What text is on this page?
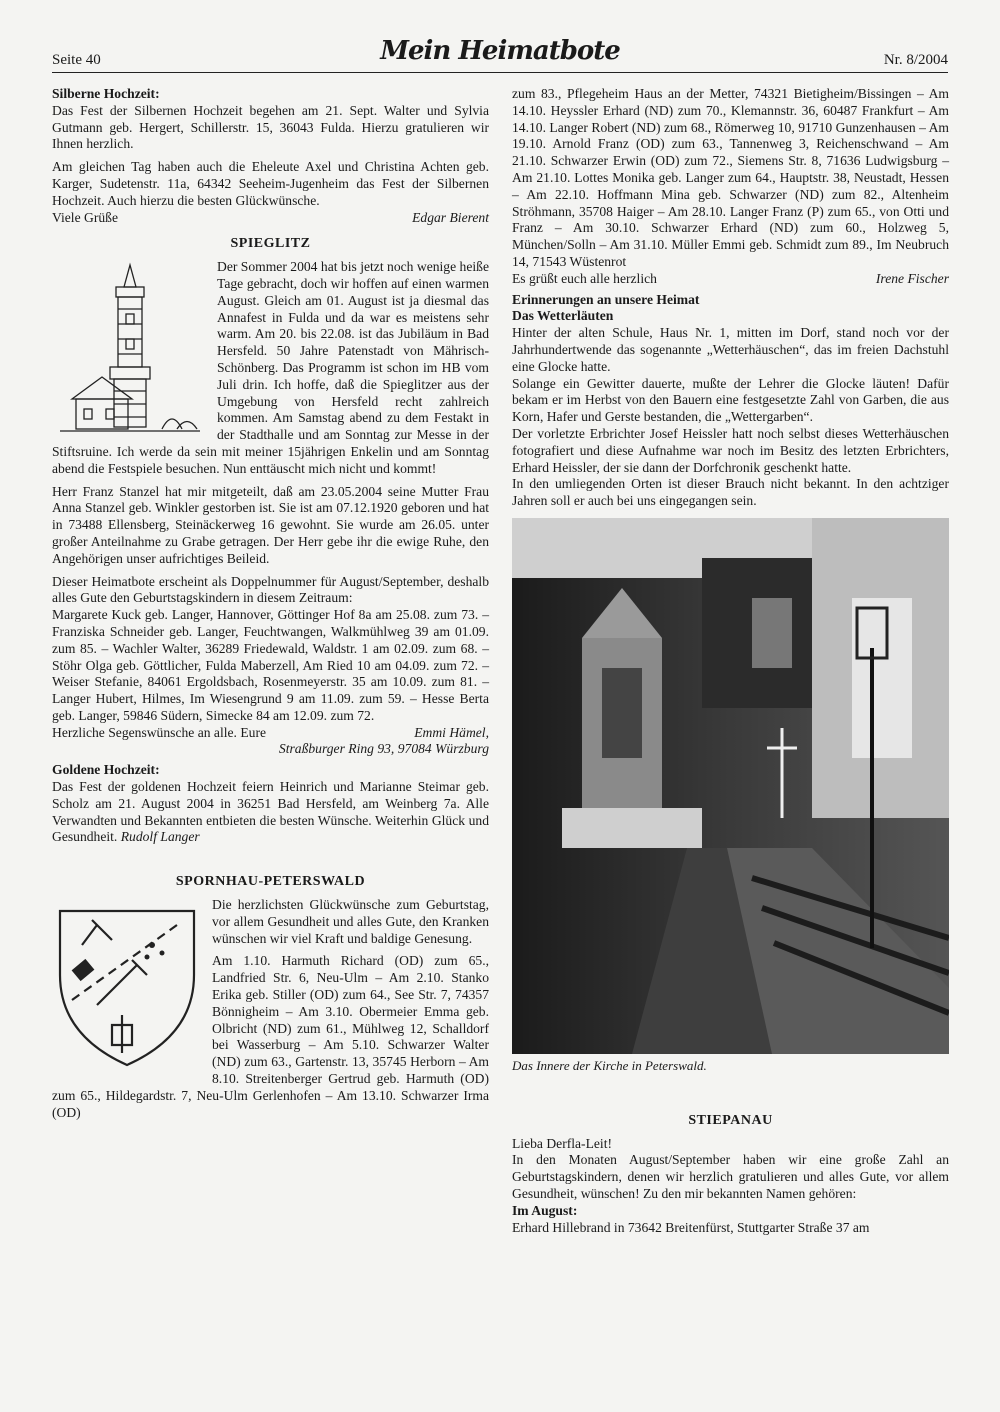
Seite 40	Mein Heimatbote	Nr. 8/2004

Silberne Hochzeit:

Das Fest der Silbernen Hochzeit begehen am 21. Sept. Walter und Sylvia Gutmann geb. Hergert, Schillerstr. 15, 36043 Fulda. Hierzu gratulieren wir Ihnen herzlich.

Am gleichen Tag haben auch die Eheleute Axel und Christina Achten geb. Karger, Sudetenstr. 11a, 64342 Seeheim-Jugenheim das Fest der Silbernen Hochzeit. Auch hierzu die besten Glückwünsche.

Viele Grüße	Edgar Bierent
SPIEGLITZ

Der Sommer 2004 hat bis jetzt noch wenige heiße Tage gebracht, doch wir hoffen auf einen warmen August. Gleich am 01. August ist ja diesmal das Annafest in Fulda und da war es meistens sehr warm. Am 20. bis 22.08. ist das Jubiläum in Bad Hersfeld. 50 Jahre Patenstadt von Mährisch-Schönberg. Das Programm ist schon im HB vom Juli drin. Ich hoffe, daß die Spieglitzer aus der Umgebung von Hersfeld recht zahlreich kommen. Am Samstag abend zu dem Festakt in der Stadthalle und am Sonntag zur Messe in der Stiftsruine. Ich werde da sein mit meiner 15jährigen Enkelin und am Sonntag abend die Festspiele besuchen. Nun enttäuscht mich nicht und kommt!

Herr Franz Stanzel hat mir mitgeteilt, daß am 23.05.2004 seine Mutter Frau Anna Stanzel geb. Winkler gestorben ist. Sie ist am 07.12.1920 geboren und hat in 73488 Ellensberg, Steinäckerweg 16 gewohnt. Sie wurde am 26.05. unter großer Anteilnahme zu Grabe getragen. Der Herr gebe ihr die ewige Ruhe, den Angehörigen unser aufrichtiges Beileid.

Dieser Heimatbote erscheint als Doppelnummer für August/September, deshalb alles Gute den Geburtstagskindern in diesem Zeitraum:

Margarete Kuck geb. Langer, Hannover, Göttinger Hof 8a am 25.08. zum 73. – Franziska Schneider geb. Langer, Feuchtwangen, Walkmühlweg 39 am 01.09. zum 85. – Wachler Walter, 36289 Friedewald, Waldstr. 1 am 02.09. zum 68. – Stöhr Olga geb. Göttlicher, Fulda Maberzell, Am Ried 10 am 04.09. zum 72. – Weiser Stefanie, 84061 Ergoldsbach, Rosenmeyerstr. 35 am 10.09. zum 81. – Langer Hubert, Hilmes, Im Wiesengrund 9 am 11.09. zum 59. – Hesse Berta geb. Langer, 59846 Südern, Simecke 84 am 12.09. zum 72.

Herzliche Segenswünsche an alle. Eure	Emmi Hämel,
Straßburger Ring 93, 97084 Würzburg

Goldene Hochzeit:

Das Fest der goldenen Hochzeit feiern Heinrich und Marianne Steimar geb. Scholz am 21. August 2004 in 36251 Bad Hersfeld, am Weinberg 7a. Alle Verwandten und Bekannten entbieten die besten Wünsche. Weiterhin Glück und Gesundheit. Rudolf Langer

SPORNHAU-PETERSWALD

Die herzlichsten Glückwünsche zum Geburtstag, vor allem Gesundheit und alles Gute, den Kranken wünschen wir viel Kraft und baldige Genesung.

Am 1.10. Harmuth Richard (OD) zum 65., Landfried Str. 6, Neu-Ulm – Am 2.10. Stanko Erika geb. Stiller (OD) zum 64., See Str. 7, 74357 Bönnigheim – Am 3.10. Obermeier Emma geb. Olbricht (ND) zum 61., Mühlweg 12, Schalldorf bei Wasserburg – Am 5.10. Schwarzer Walter (ND) zum 63., Gartenstr. 13, 35745 Herborn – Am 8.10. Streitenberger Gertrud geb. Harmuth (OD) zum 65., Hildegardstr. 7, Neu-Ulm Gerlenhofen – Am 13.10. Schwarzer Irma (OD)

zum 83., Pflegeheim Haus an der Metter, 74321 Bietigheim/Bissingen – Am 14.10. Heyssler Erhard (ND) zum 70., Klemannstr. 36, 60487 Frankfurt – Am 14.10. Langer Robert (ND) zum 68., Römerweg 10, 91710 Gunzenhausen – Am 19.10. Arnold Franz (OD) zum 63., Tannenweg 3, Reichenschwand – Am 21.10. Schwarzer Erwin (OD) zum 72., Siemens Str. 8, 71636 Ludwigsburg – Am 21.10. Lottes Monika geb. Langer zum 64., Hauptstr. 38, Neustadt, Hessen – Am 22.10. Hoffmann Mina geb. Schwarzer (ND) zum 82., Altenheim Ströhmann, 35708 Haiger – Am 28.10. Langer Franz (P) zum 65., von Otti und Franz – Am 30.10. Schwarzer Erhard (ND) zum 60., Holzweg 5, München/Solln – Am 31.10. Müller Emmi geb. Schmidt zum 89., Im Neubruch 14, 71543 Wüstenrot

Es grüßt euch alle herzlich	Irene Fischer

Erinnerungen an unsere Heimat

Das Wetterläuten

Hinter der alten Schule, Haus Nr. 1, mitten im Dorf, stand noch vor der Jahrhundertwende das sogenannte „Wetterhäuschen“, das im freien Dachstuhl eine Glocke hatte.

Solange ein Gewitter dauerte, mußte der Lehrer die Glocke läuten! Dafür bekam er im Herbst von den Bauern eine festgesetzte Zahl von Garben, die aus Korn, Hafer und Gerste bestanden, die „Wettergarben“.

Der vorletzte Erbrichter Josef Heissler hatt noch selbst dieses Wetterhäuschen fotografiert und diese Aufnahme war noch im Besitz des letzten Erbrichters, Erhard Heissler, der sie dann der Dorfchronik geschenkt hatte.

In den umliegenden Orten ist dieser Brauch nicht bekannt. In den achtziger Jahren soll er auch bei uns eingegangen sein.

Das Innere der Kirche in Peterswald.
STIEPANAU

Lieba Derfla-Leit!

In den Monaten August/September haben wir eine große Zahl an Geburtstagskindern, denen wir herzlich gratulieren und alles Gute, vor allem Gesundheit, wünschen! Zu den mir bekannten Namen gehören:

Im August:

Erhard Hillebrand in 73642 Breitenfürst, Stuttgarter Straße 37 am
